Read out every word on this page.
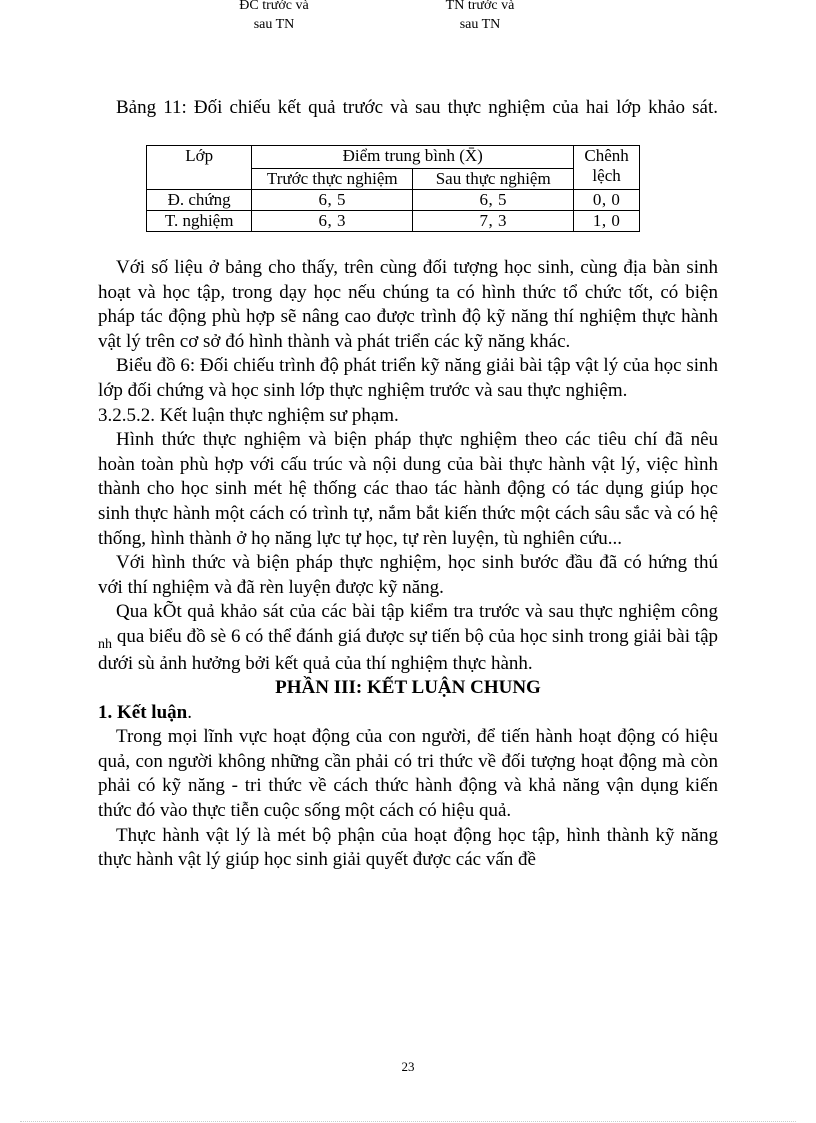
ĐC trước và
sau TN
TN trước và
sau TN
Bảng 11: Đối chiếu kết quả trước và sau thực nghiệm của hai lớp khảo sát.
Lớp	Điểm trung bình (X̄)		Chênh lệch
	Trước thực nghiệm	Sau thực nghiệm	
Đ. chứng	6, 5	6, 5	0, 0
T. nghiệm	6, 3	7, 3	1, 0

Với số liệu ở bảng cho thấy, trên cùng đối tượng học sinh, cùng địa bàn sinh hoạt và học tập, trong dạy học nếu chúng ta có hình thức tổ chức tốt, có biện pháp tác động phù hợp sẽ nâng cao được trình độ kỹ năng thí nghiệm thực hành vật lý trên cơ sở đó hình thành và phát triển các kỹ năng khác.

Biểu đồ 6: Đối chiếu trình độ phát triển kỹ năng giải bài tập vật lý của học sinh lớp đối chứng và học sinh lớp thực nghiệm trước và sau thực nghiệm.

3.2.5.2. Kết luận thực nghiệm sư phạm.

Hình thức thực nghiệm và biện pháp thực nghiệm theo các tiêu chí đã nêu hoàn toàn phù hợp với cấu trúc và nội dung của bài thực hành vật lý, việc hình thành cho học sinh mét hệ thống các thao tác hành động có tác dụng giúp học sinh thực hành một cách có trình tự, nắm bắt kiến thức một cách sâu sắc và có hệ thống, hình thành ở họ năng lực tự học, tự rèn luyện, tù nghiên cứu...

Với hình thức và biện pháp thực nghiệm, học sinh bước đầu đã có hứng thú với thí nghiệm và đã rèn luyện được kỹ năng.

Qua kÕt quả khảo sát của các bài tập kiểm tra trước và sau thực nghiệm công $_{nh}$ qua biểu đồ sè 6 có thể đánh giá được sự tiến bộ của học sinh trong giải bài tập dưới sù ảnh hưởng bởi kết quả của thí nghiệm thực hành.

PHẦN III: KẾT LUẬN CHUNG

1. Kết luận.

Trong mọi lĩnh vực hoạt động của con người, để tiến hành hoạt động có hiệu quả, con người không những cần phải có tri thức về đối tượng hoạt động mà còn phải có kỹ năng - tri thức về cách thức hành động và khả năng vận dụng kiến thức đó vào thực tiễn cuộc sống một cách có hiệu quả.

Thực hành vật lý là mét bộ phận của hoạt động học tập, hình thành kỹ năng thực hành vật lý giúp học sinh giải quyết được các vấn đề

23
